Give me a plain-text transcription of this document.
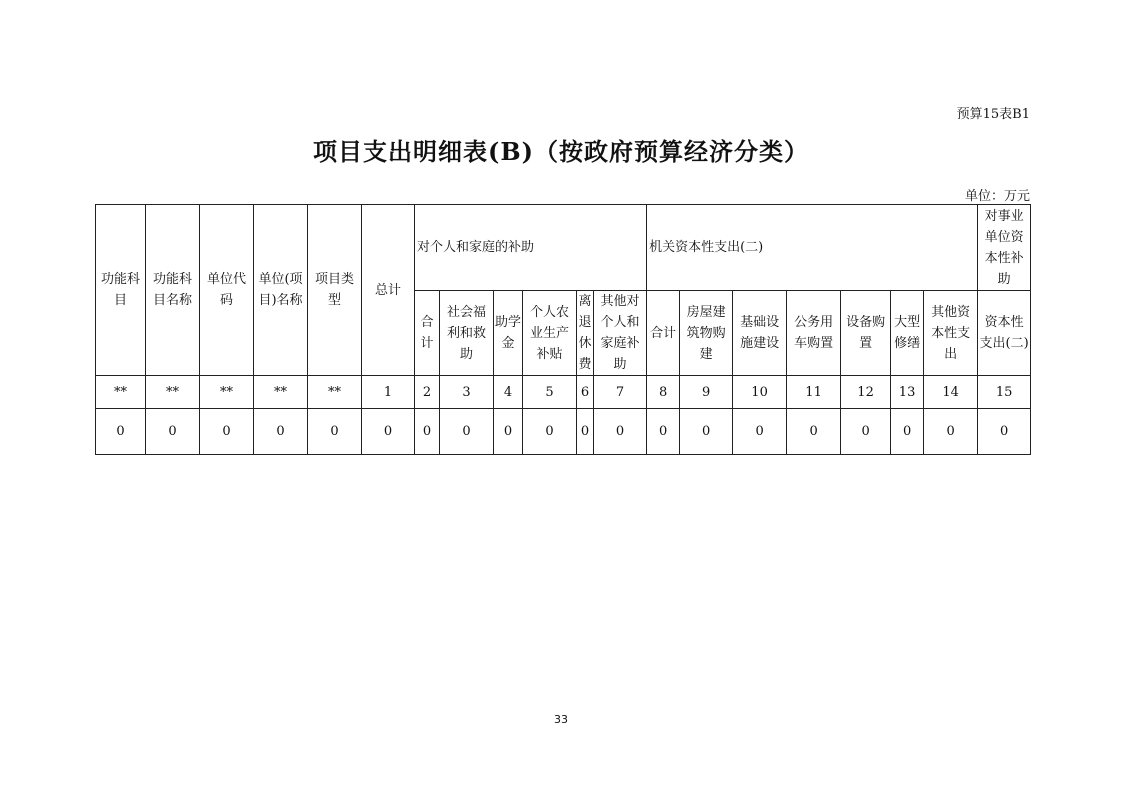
预算15表B1
项目支出明细表(B)（按政府预算经济分类）
单位：万元
功能科目	功能科目名称	单位代码	单位(项目)名称	项目类型	总计	对个人和家庭的补助						机关资本性支出(二)							对事业单位资本性补助

						合计	社会福利和救助	助学金	个人农业生产补贴	离退休费	其他对个人和家庭补助	合计	房屋建筑物购建	基础设施建设	公务用车购置	设备购置	大型修缮	其他资本性支出	资本性支出(二)

**	**	**	**	**	1	2	3	4	5	6	7	8	9	10	11	12	13	14	15
0	0	0	0	0	0	0	0	0	0	0	0	0	0	0	0	0	0	0	0
33
